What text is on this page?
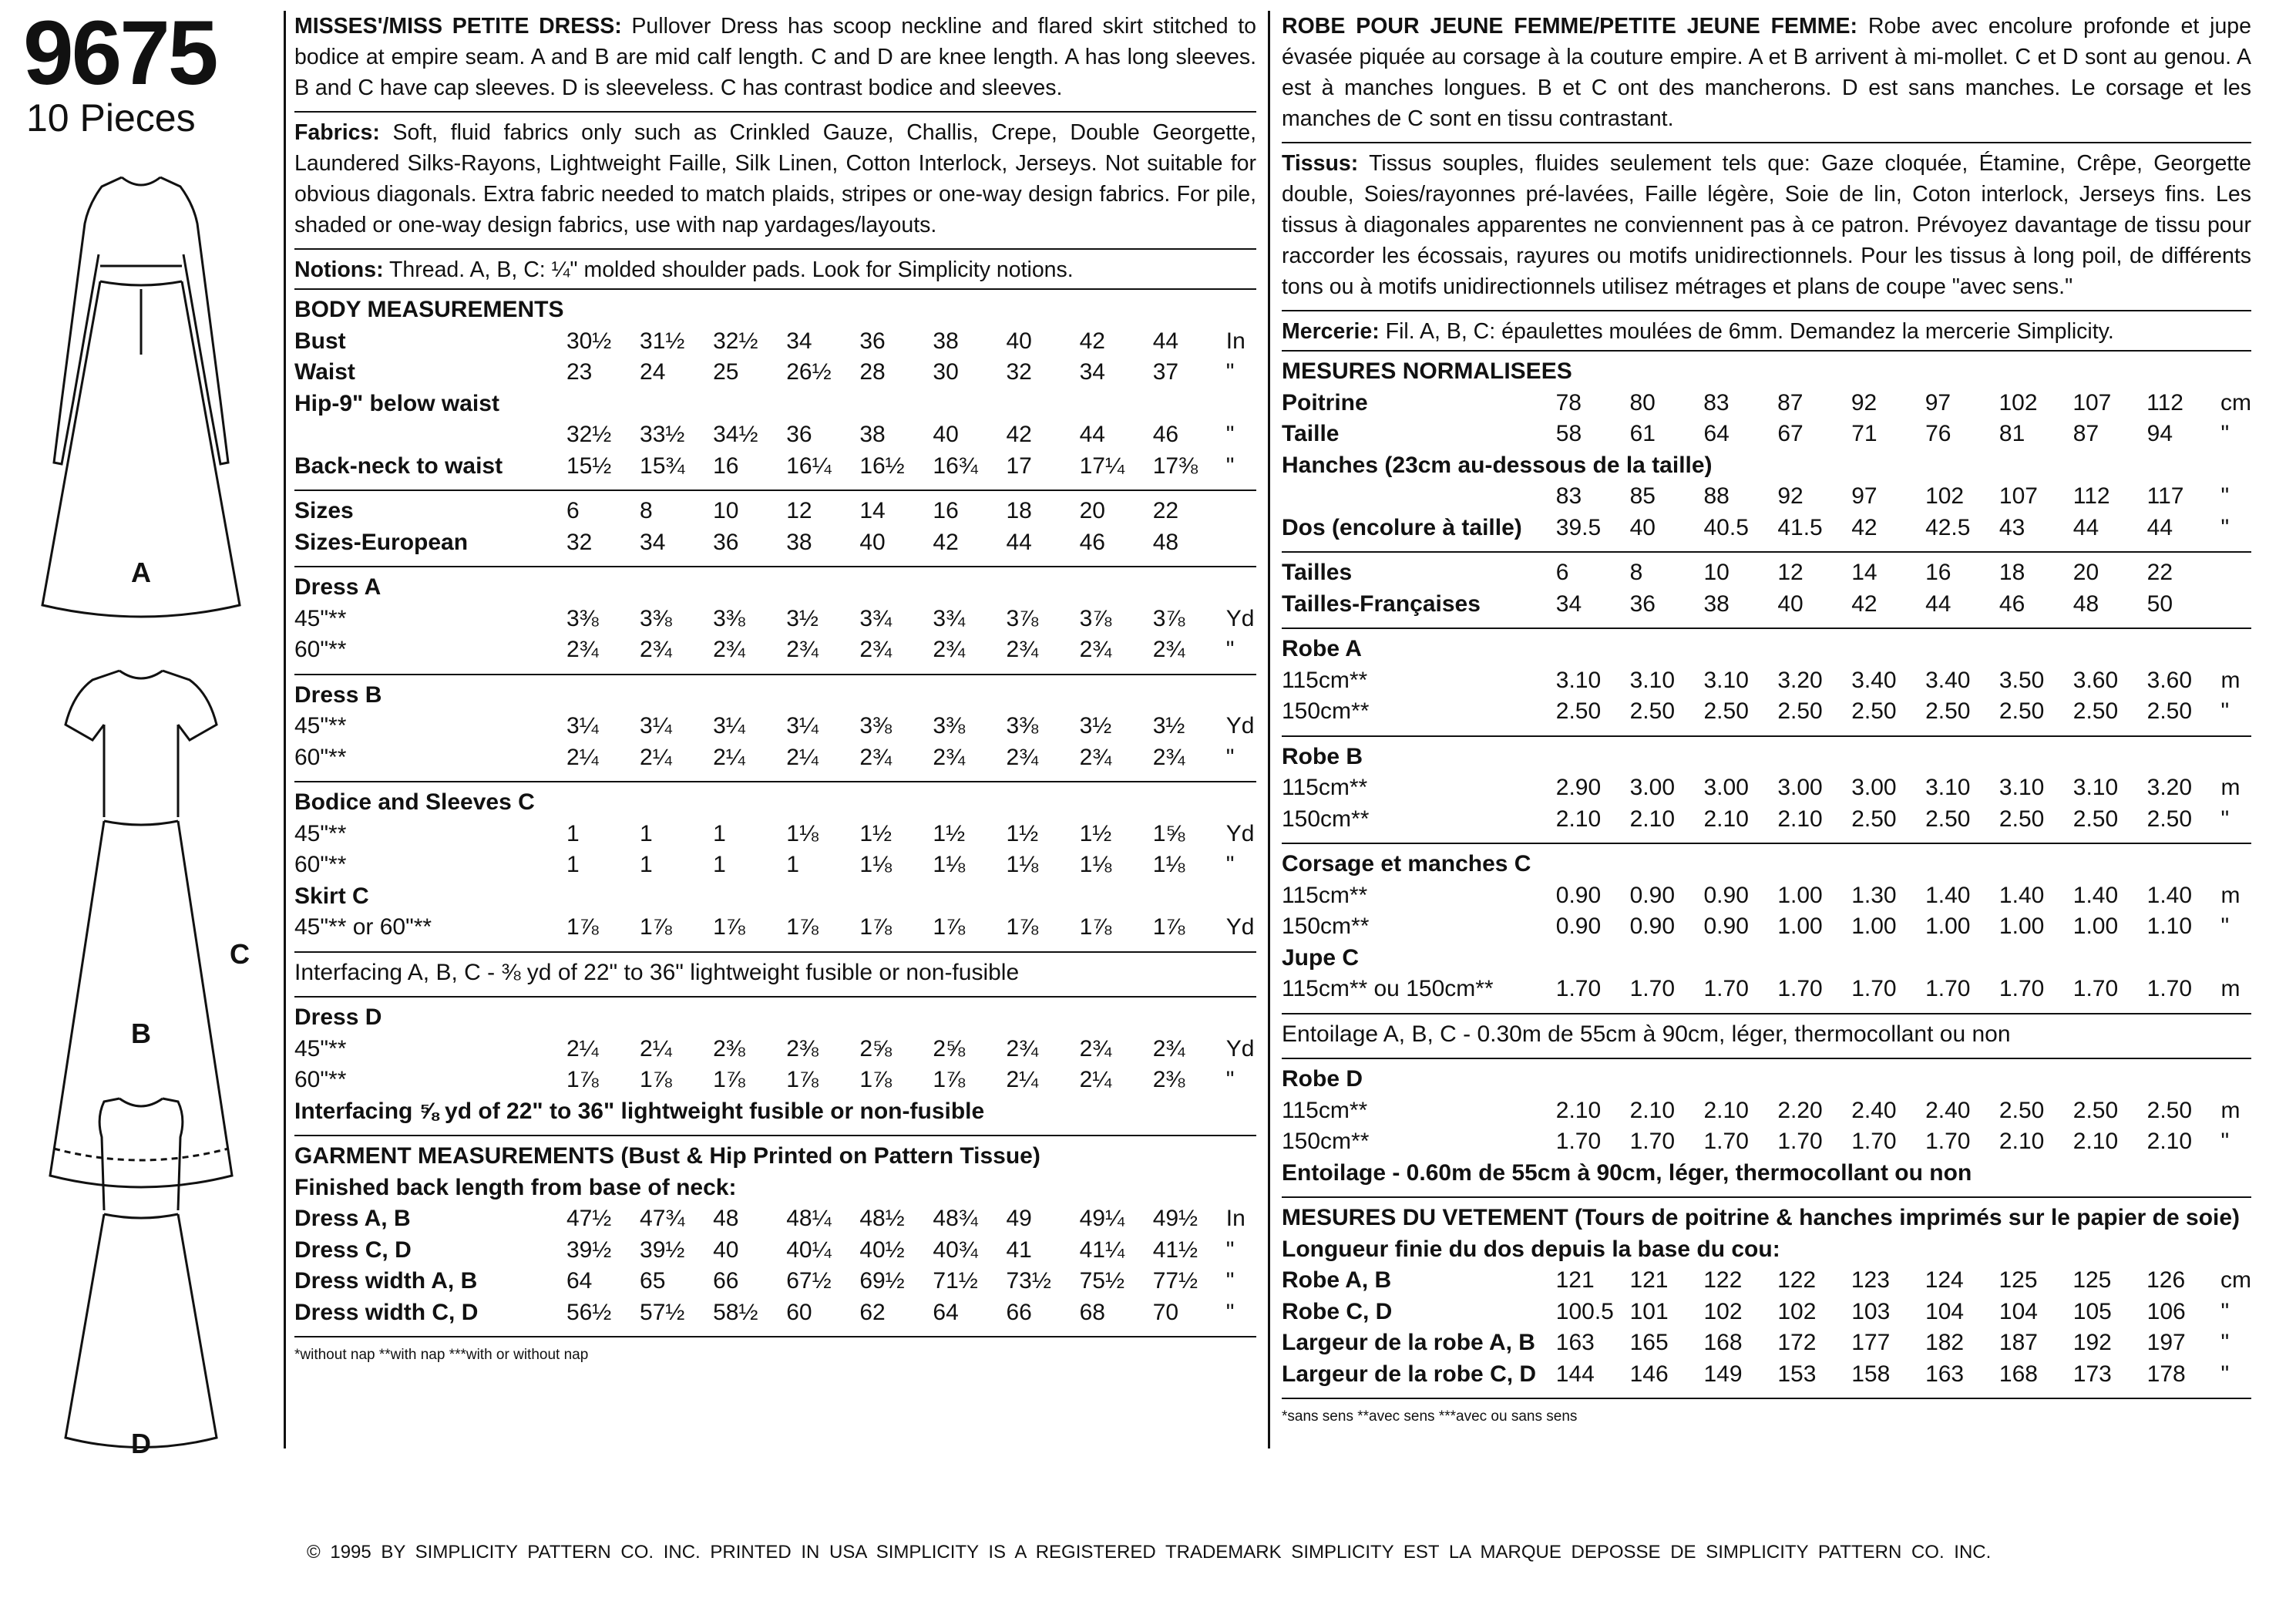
9675
10 Pieces
A
C
B
D
MISSES'/MISS PETITE DRESS: Pullover Dress has scoop neckline and flared skirt stitched to bodice at empire seam. A and B are mid calf length. C and D are knee length. A has long sleeves. B and C have cap sleeves. D is sleeveless. C has contrast bodice and sleeves.
Fabrics: Soft, fluid fabrics only such as Crinkled Gauze, Challis, Crepe, Double Georgette, Laundered Silks-Rayons, Lightweight Faille, Silk Linen, Cotton Interlock, Jerseys. Not suitable for obvious diagonals. Extra fabric needed to match plaids, stripes or one-way design fabrics. For pile, shaded or one-way design fabrics, use with nap yardages/layouts.
Notions: Thread. A, B, C: ¼" molded shoulder pads. Look for Simplicity notions.
BODY MEASUREMENTS
Bust	30½	31½	32½	34	36	38	40	42	44	In
Waist	23	24	25	26½	28	30	32	34	37	"
Hip-9" below waist
32½	33½	34½	36	38	40	42	44	46	"
Back-neck to waist	15½	15¾	16	16¼	16½	16¾	17	17¼	17⅜	"
Sizes	6	8	10	12	14	16	18	20	22
Sizes-European	32	34	36	38	40	42	44	46	48
Dress A
45"**	3⅜	3⅜	3⅜	3½	3¾	3¾	3⅞	3⅞	3⅞	Yd
60"**	2¾	2¾	2¾	2¾	2¾	2¾	2¾	2¾	2¾	"
Dress B
45"**	3¼	3¼	3¼	3¼	3⅜	3⅜	3⅜	3½	3½	Yd
60"**	2¼	2¼	2¼	2¼	2¾	2¾	2¾	2¾	2¾	"
Bodice and Sleeves C
45"**	1	1	1	1⅛	1½	1½	1½	1½	1⅝	Yd
60"**	1	1	1	1	1⅛	1⅛	1⅛	1⅛	1⅛	"
Skirt C
45"** or 60"**	1⅞	1⅞	1⅞	1⅞	1⅞	1⅞	1⅞	1⅞	1⅞	Yd
Interfacing A, B, C - ⅜ yd of 22" to 36" lightweight fusible or non-fusible
Dress D
45"**	2¼	2¼	2⅜	2⅜	2⅝	2⅝	2¾	2¾	2¾	Yd
60"**	1⅞	1⅞	1⅞	1⅞	1⅞	1⅞	2¼	2¼	2⅜	"
Interfacing ⅝ yd of 22" to 36" lightweight fusible or non-fusible
GARMENT MEASUREMENTS (Bust & Hip Printed on Pattern Tissue)
Finished back length from base of neck:
Dress A, B	47½	47¾	48	48¼	48½	48¾	49	49¼	49½	In
Dress C, D	39½	39½	40	40¼	40½	40¾	41	41¼	41½	"
Dress width A, B	64	65	66	67½	69½	71½	73½	75½	77½	"
Dress width C, D	56½	57½	58½	60	62	64	66	68	70	"
*without nap **with nap ***with or without nap
ROBE POUR JEUNE FEMME/PETITE JEUNE FEMME: Robe avec encolure profonde et jupe évasée piquée au corsage à la couture empire. A et B arrivent à mi-mollet. C et D sont au genou. A est à manches longues. B et C ont des mancherons. D est sans manches. Le corsage et les manches de C sont en tissu contrastant.
Tissus: Tissus souples, fluides seulement tels que: Gaze cloquée, Étamine, Crêpe, Georgette double, Soies/rayonnes pré-lavées, Faille légère, Soie de lin, Coton interlock, Jerseys fins. Les tissus à diagonales apparentes ne conviennent pas à ce patron. Prévoyez davantage de tissu pour raccorder les écossais, rayures ou motifs unidirectionnels. Pour les tissus à long poil, de différents tons ou à motifs unidirectionnels utilisez métrages et plans de coupe "avec sens."
Mercerie: Fil. A, B, C: épaulettes moulées de 6mm. Demandez la mercerie Simplicity.
MESURES NORMALISEES
Poitrine	78	80	83	87	92	97	102	107	112	cm
Taille	58	61	64	67	71	76	81	87	94	"
Hanches (23cm au-dessous de la taille)
83	85	88	92	97	102	107	112	117	"
Dos (encolure à taille)	39.5	40	40.5	41.5	42	42.5	43	44	44	"
Tailles	6	8	10	12	14	16	18	20	22
Tailles-Françaises	34	36	38	40	42	44	46	48	50
Robe A
115cm**	3.10	3.10	3.10	3.20	3.40	3.40	3.50	3.60	3.60	m
150cm**	2.50	2.50	2.50	2.50	2.50	2.50	2.50	2.50	2.50	"
Robe B
115cm**	2.90	3.00	3.00	3.00	3.00	3.10	3.10	3.10	3.20	m
150cm**	2.10	2.10	2.10	2.10	2.50	2.50	2.50	2.50	2.50	"
Corsage et manches C
115cm**	0.90	0.90	0.90	1.00	1.30	1.40	1.40	1.40	1.40	m
150cm**	0.90	0.90	0.90	1.00	1.00	1.00	1.00	1.00	1.10	"
Jupe C
115cm** ou 150cm**	1.70	1.70	1.70	1.70	1.70	1.70	1.70	1.70	1.70	m
Entoilage A, B, C - 0.30m de 55cm à 90cm, léger, thermocollant ou non
Robe D
115cm**	2.10	2.10	2.10	2.20	2.40	2.40	2.50	2.50	2.50	m
150cm**	1.70	1.70	1.70	1.70	1.70	1.70	2.10	2.10	2.10	"
Entoilage - 0.60m de 55cm à 90cm, léger, thermocollant ou non
MESURES DU VETEMENT (Tours de poitrine & hanches imprimés sur le papier de soie)
Longueur finie du dos depuis la base du cou:
Robe A, B	121	121	122	122	123	124	125	125	126	cm
Robe C, D	100.5 101	102	102	103	104	104	105	106	"
Largeur de la robe A, B 163	165	168	172	177	182	187	192	197	"
Largeur de la robe C, D 144	146	149	153	158	163	168	173	178	"
*sans sens **avec sens ***avec ou sans sens
© 1995 BY SIMPLICITY PATTERN CO. INC. PRINTED IN USA SIMPLICITY IS A REGISTERED TRADEMARK SIMPLICITY EST LA MARQUE DEPOSSE DE SIMPLICITY PATTERN CO. INC.
